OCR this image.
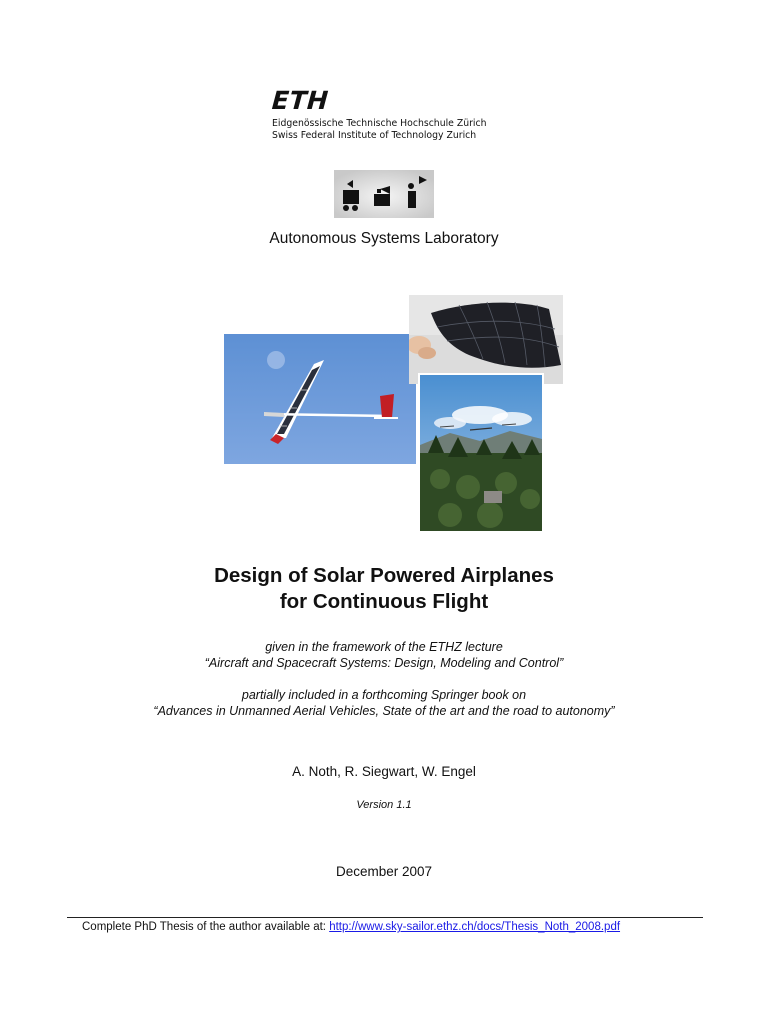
ETH
Eidgenössische Technische Hochschule Zürich
Swiss Federal Institute of Technology Zurich
Autonomous Systems Laboratory
Design of Solar Powered Airplanes
for Continuous Flight
given in the framework of the ETHZ lecture
“Aircraft and Spacecraft Systems: Design, Modeling and Control”
partially included in a forthcoming Springer book on
“Advances in Unmanned Aerial Vehicles, State of the art and the road to autonomy”
A. Noth, R. Siegwart, W. Engel
Version 1.1
December 2007
Complete PhD Thesis of the author available at: http://www.sky-sailor.ethz.ch/docs/Thesis_Noth_2008.pdf
